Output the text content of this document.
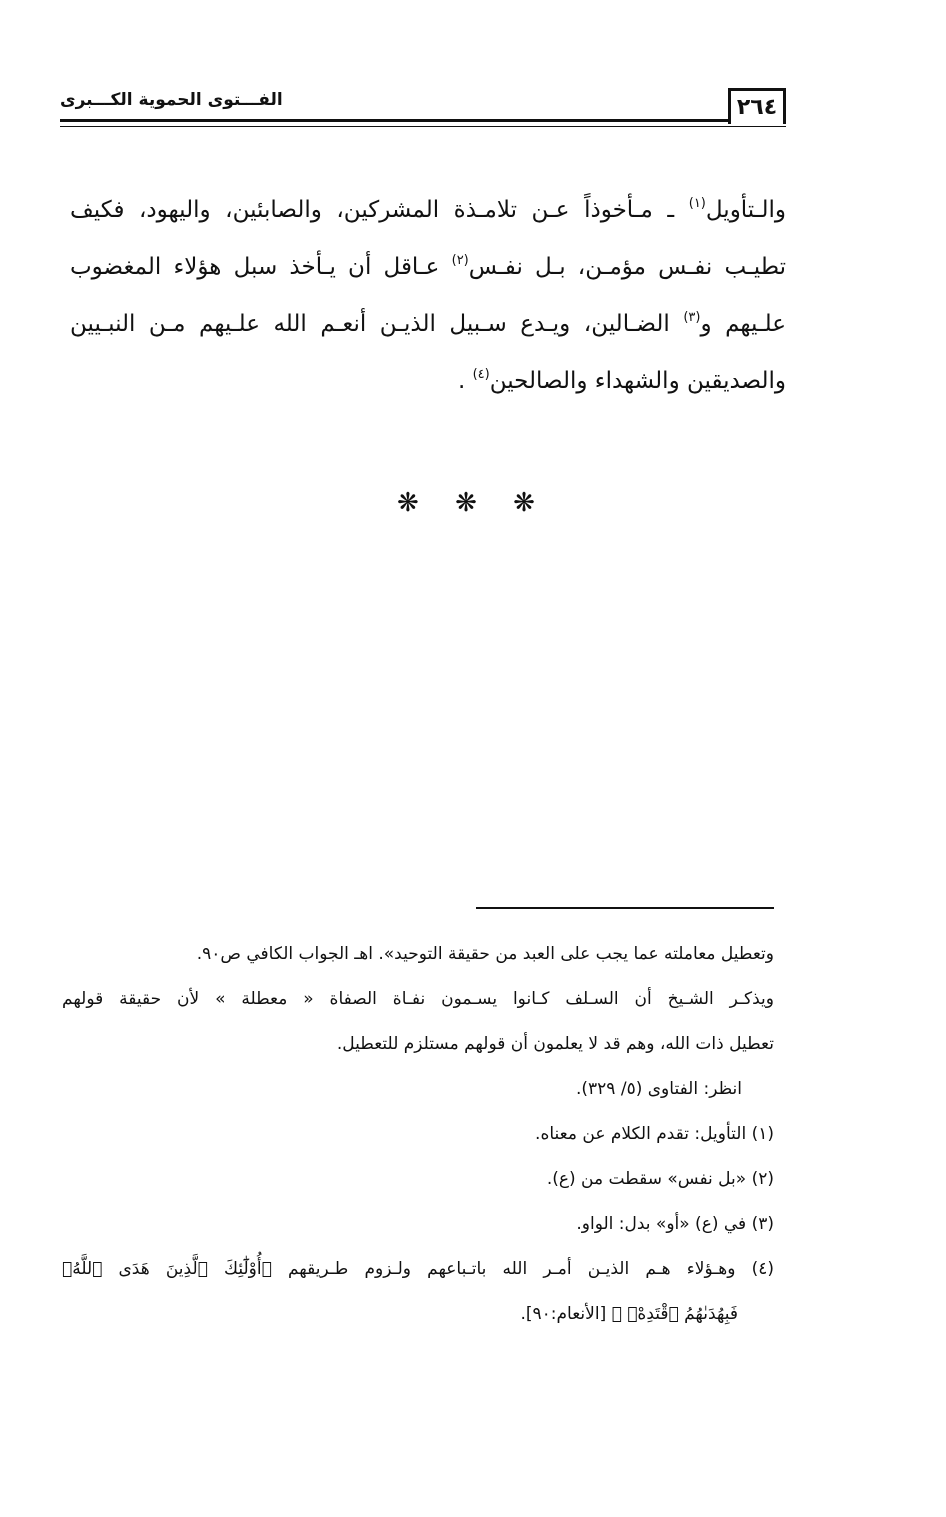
٢٦٤
الفـــتوى الحموية الكـــبرى
والـتأويل$^{(١)}$ ـ مـأخوذاً عـن تلامـذة المشركين، والصابئين، واليهود، فكيف
تطيـب نفـس مؤمـن، بـل نفـس$^{(٢)}$ عـاقل أن يـأخذ سبل هؤلاء المغضوب
علـيهم و$^{(٣)}$ الضـالين، ويـدع سـبيل الذيـن أنعـم الله علـيهم مـن النبـيين
والصديقين والشهداء والصالحين$^{(٤)}$ .
❋ ❋ ❋
وتعطيل معاملته عما يجب على العبد من حقيقة التوحيد». اهـ الجواب الكافي ص٩٠.
ويذكـر الشـيخ أن السـلف كـانوا يسـمون نفـاة الصفاة « معطلة » لأن حقيقة قولهم
تعطيل ذات الله، وهم قد لا يعلمون أن قولهم مستلزم للتعطيل.
انظر: الفتاوى (٥/ ٣٢٩).
(١) التأويل: تقدم الكلام عن معناه.
(٢) «بل نفس» سقطت من (ع).
(٣) في (ع) «أو» بدل: الواو.
(٤) وهـؤلاء هـم الذيـن أمـر الله باتـباعهم ولـزوم طـريقهم ﴿أُوْلَٰٓئِكَ ٱلَّذِينَ هَدَى ٱللَّهُۖ
فَبِهُدَىٰهُمُ ٱقْتَدِهْۗ ﴾ [الأنعام:٩٠].
